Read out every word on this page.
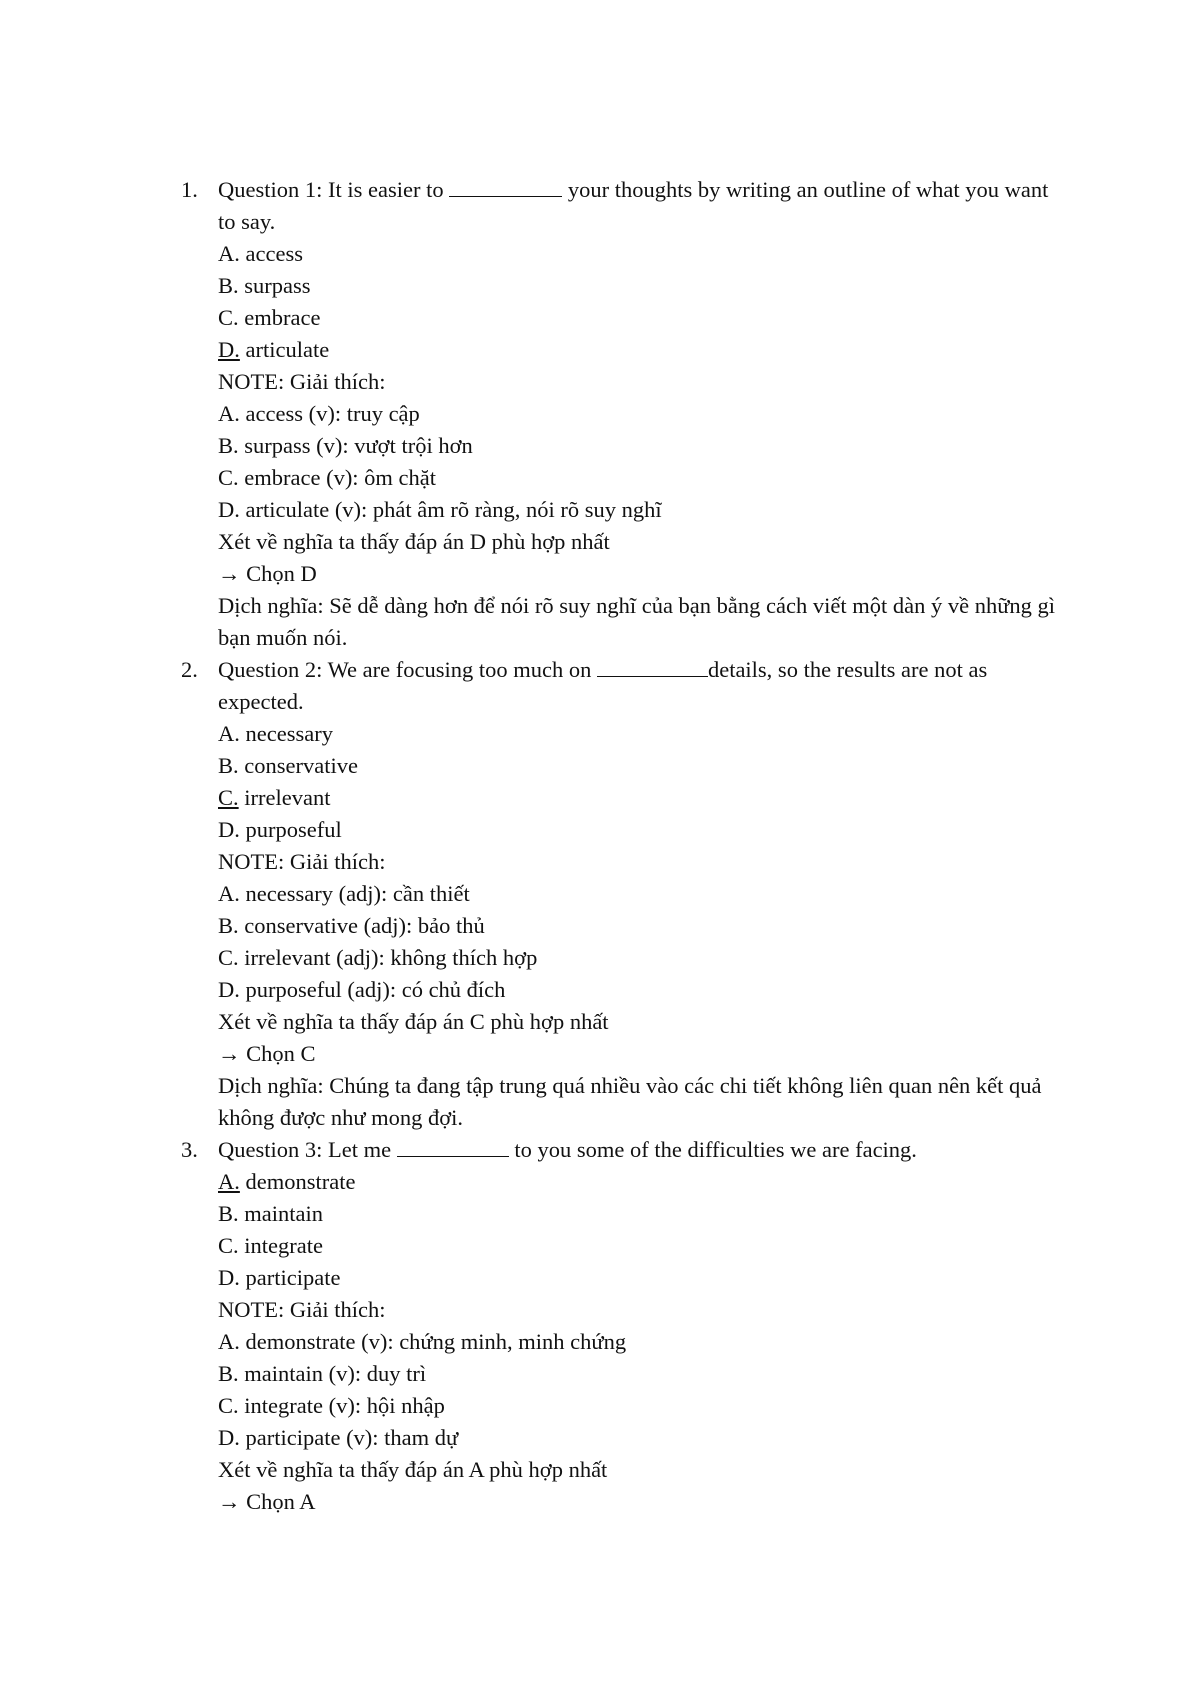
1. Question 1: It is easier to	your thoughts by writing an outline of what you want to say.
A. access
B. surpass
C. embrace
D. articulate
NOTE: Giải thích:
A. access (v): truy cập
B. surpass (v): vượt trội hơn
C. embrace (v): ôm chặt
D. articulate (v): phát âm rõ ràng, nói rõ suy nghĩ
Xét về nghĩa ta thấy đáp án D phù hợp nhất
→ Chọn D
Dịch nghĩa: Sẽ dễ dàng hơn để nói rõ suy nghĩ của bạn bằng cách viết một dàn ý về những gì bạn muốn nói.
2. Question 2: We are focusing too much on	details, so the results are not as expected.
A. necessary
B. conservative
C. irrelevant
D. purposeful
NOTE: Giải thích:
A. necessary (adj): cần thiết
B. conservative (adj): bảo thủ
C. irrelevant (adj): không thích hợp
D. purposeful (adj): có chủ đích
Xét về nghĩa ta thấy đáp án C phù hợp nhất
→ Chọn C
Dịch nghĩa: Chúng ta đang tập trung quá nhiều vào các chi tiết không liên quan nên kết quả không được như mong đợi.
3. Question 3: Let me	to you some of the difficulties we are facing.
A. demonstrate
B. maintain
C. integrate
D. participate
NOTE: Giải thích:
A. demonstrate (v): chứng minh, minh chứng
B. maintain (v): duy trì
C. integrate (v): hội nhập
D. participate (v): tham dự
Xét về nghĩa ta thấy đáp án A phù hợp nhất
→ Chọn A
